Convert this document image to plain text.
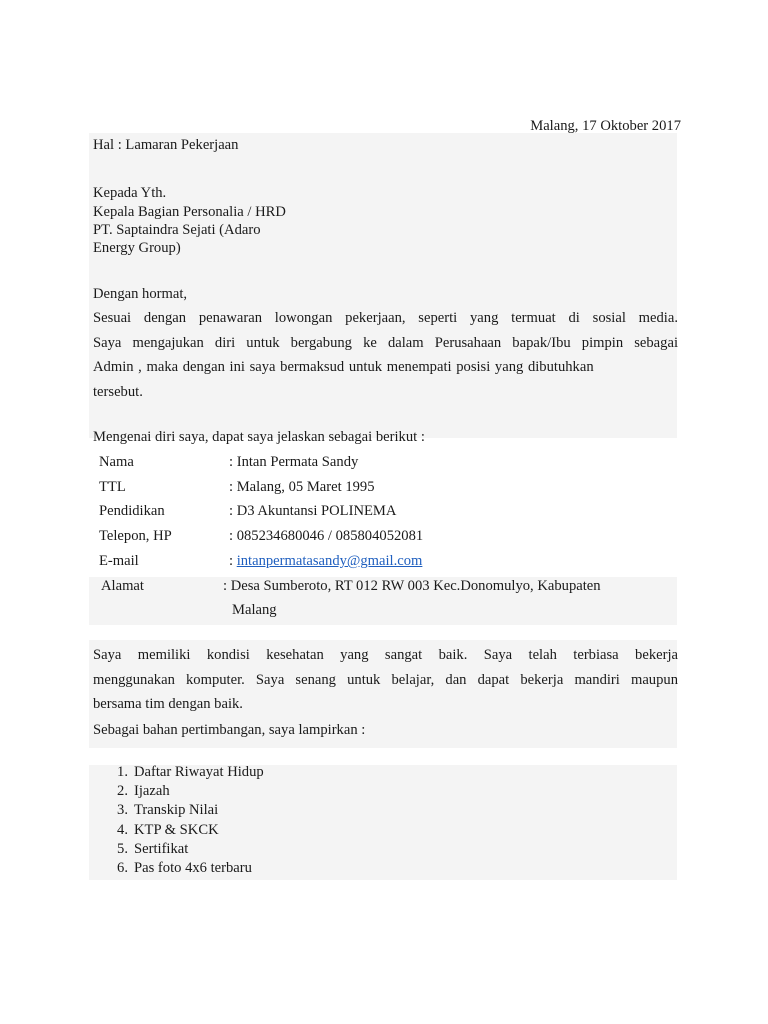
Malang, 17 Oktober 2017
Hal : Lamaran Pekerjaan
Kepada Yth.
Kepala Bagian Personalia / HRD
PT. Saptaindra Sejati (Adaro
Energy Group)
Dengan hormat,
Sesuai dengan penawaran lowongan pekerjaan, seperti yang termuat di sosial media.
Saya mengajukan diri untuk bergabung ke dalam Perusahaan bapak/Ibu pimpin sebagai
Admin , maka dengan ini saya bermaksud untuk menempati posisi yang dibutuhkan
tersebut.
Mengenai diri saya, dapat saya jelaskan sebagai berikut :
Nama	: Intan Permata Sandy
TTL	: Malang, 05 Maret 1995
Pendidikan	: D3 Akuntansi POLINEMA
Telepon, HP	: 085234680046 / 085804052081
E-mail	: intanpermatasandy@gmail.com
Alamat	: Desa Sumberoto, RT 012 RW 003 Kec.Donomulyo, Kabupaten
Malang
Saya memiliki kondisi kesehatan yang sangat baik. Saya telah terbiasa bekerja
menggunakan komputer. Saya senang untuk belajar, dan dapat bekerja mandiri maupun
bersama tim dengan baik.
Sebagai bahan pertimbangan, saya lampirkan :
1. Daftar Riwayat Hidup
2. Ijazah
3. Transkip Nilai
4. KTP & SKCK
5. Sertifikat
6. Pas foto 4x6 terbaru
